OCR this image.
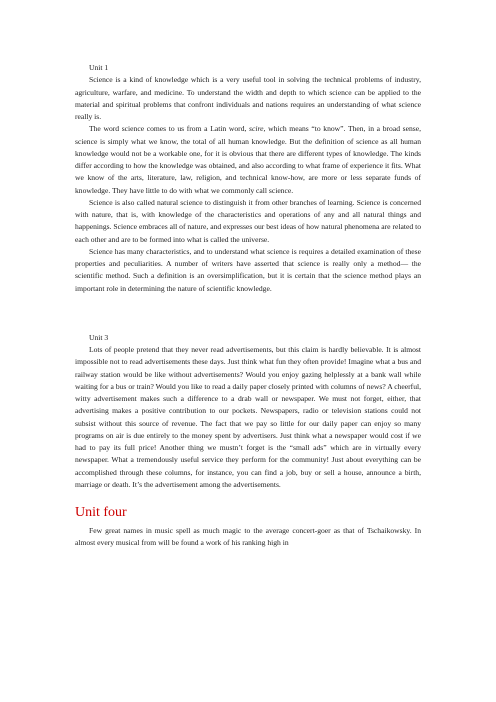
Unit 1

Science is a kind of knowledge which is a very useful tool in solving the technical problems of industry, agriculture, warfare, and medicine. To understand the width and depth to which science can be applied to the material and spiritual problems that confront individuals and nations requires an understanding of what science really is.

The word science comes to us from a Latin word, scire, which means “to know”. Then, in a broad sense, science is simply what we know, the total of all human knowledge. But the definition of science as all human knowledge would not be a workable one, for it is obvious that there are different types of knowledge. The kinds differ according to how the knowledge was obtained, and also according to what frame of experience it fits. What we know of the arts, literature, law, religion, and technical know-how, are more or less separate funds of knowledge. They have little to do with what we commonly call science.

Science is also called natural science to distinguish it from other branches of learning. Science is concerned with nature, that is, with knowledge of the characteristics and operations of any and all natural things and happenings. Science embraces all of nature, and expresses our best ideas of how natural phenomena are related to each other and are to be formed into what is called the universe.

Science has many characteristics, and to understand what science is requires a detailed examination of these properties and peculiarities. A number of writers have asserted that science is really only a method— the scientific method. Such a definition is an oversimplification, but it is certain that the science method plays an important role in determining the nature of scientific knowledge.

Unit 3

Lots of people pretend that they never read advertisements, but this claim is hardly believable. It is almost impossible not to read advertisements these days. Just think what fun they often provide! Imagine what a bus and railway station would be like without advertisements? Would you enjoy gazing helplessly at a bank wall while waiting for a bus or train? Would you like to read a daily paper closely printed with columns of news? A cheerful, witty advertisement makes such a difference to a drab wall or newspaper. We must not forget, either, that advertising makes a positive contribution to our pockets. Newspapers, radio or television stations could not subsist without this source of revenue. The fact that we pay so little for our daily paper can enjoy so many programs on air is due entirely to the money spent by advertisers. Just think what a newspaper would cost if we had to pay its full price! Another thing we mustn’t forget is the “small ads” which are in virtually every newspaper. What a tremendously useful service they perform for the community! Just about everything can be accomplished through these columns, for instance, you can find a job, buy or sell a house, announce a birth, marriage or death. It’s the advertisement among the advertisements.

Unit four

Few great names in music spell as much magic to the average concert-goer as that of Tschaikowsky. In almost every musical from will be found a work of his ranking high in
